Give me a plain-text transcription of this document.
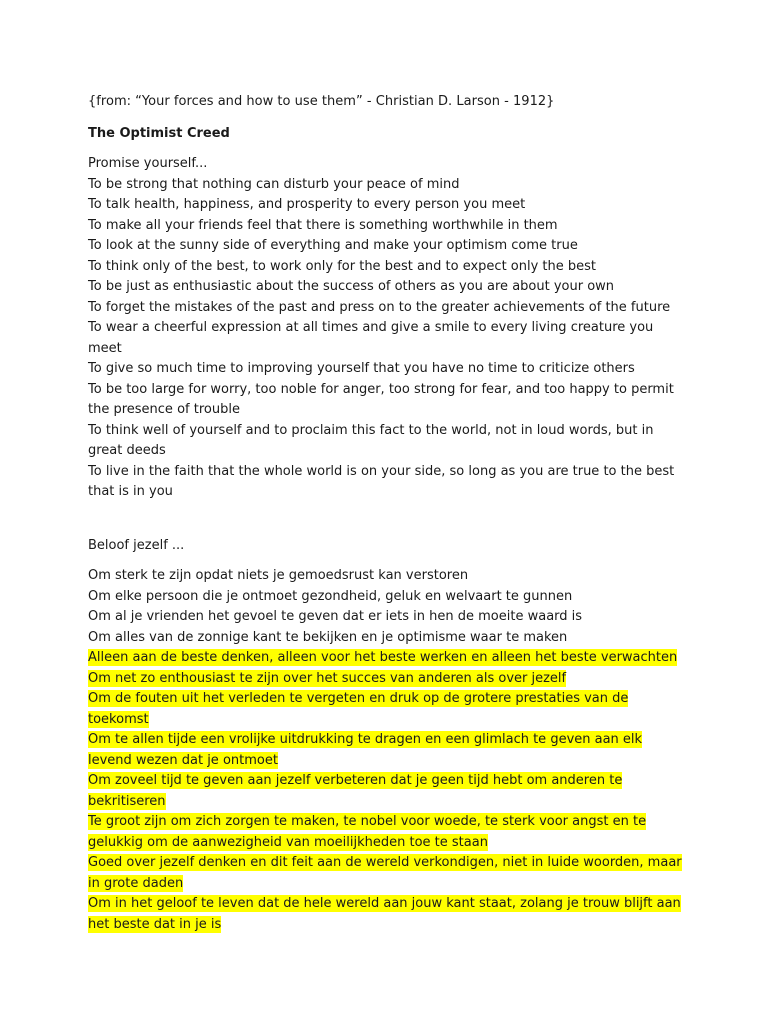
{from: “Your forces and how to use them” - Christian D. Larson - 1912}

The Optimist Creed

Promise yourself...

To be strong that nothing can disturb your peace of mind

To talk health, happiness, and prosperity to every person you meet

To make all your friends feel that there is something worthwhile in them

To look at the sunny side of everything and make your optimism come true

To think only of the best, to work only for the best and to expect only the best

To be just as enthusiastic about the success of others as you are about your own

To forget the mistakes of the past and press on to the greater achievements of the future

To wear a cheerful expression at all times and give a smile to every living creature you meet

To give so much time to improving yourself that you have no time to criticize others

To be too large for worry, too noble for anger, too strong for fear, and too happy to permit the presence of trouble

To think well of yourself and to proclaim this fact to the world, not in loud words, but in great deeds

To live in the faith that the whole world is on your side, so long as you are true to the best that is in you

Beloof jezelf ...

Om sterk te zijn opdat niets je gemoedsrust kan verstoren

Om elke persoon die je ontmoet gezondheid, geluk en welvaart te gunnen

Om al je vrienden het gevoel te geven dat er iets in hen de moeite waard is

Om alles van de zonnige kant te bekijken en je optimisme waar te maken

Alleen aan de beste denken, alleen voor het beste werken en alleen het beste verwachten

Om net zo enthousiast te zijn over het succes van anderen als over jezelf

Om de fouten uit het verleden te vergeten en druk op de grotere prestaties van de toekomst

Om te allen tijde een vrolijke uitdrukking te dragen en een glimlach te geven aan elk levend wezen dat je ontmoet

Om zoveel tijd te geven aan jezelf verbeteren dat je geen tijd hebt om anderen te bekritiseren

Te groot zijn om zich zorgen te maken, te nobel voor woede, te sterk voor angst en te gelukkig om de aanwezigheid van moeilijkheden toe te staan

Goed over jezelf denken en dit feit aan de wereld verkondigen, niet in luide woorden, maar in grote daden

Om in het geloof te leven dat de hele wereld aan jouw kant staat, zolang je trouw blijft aan het beste dat in je is
